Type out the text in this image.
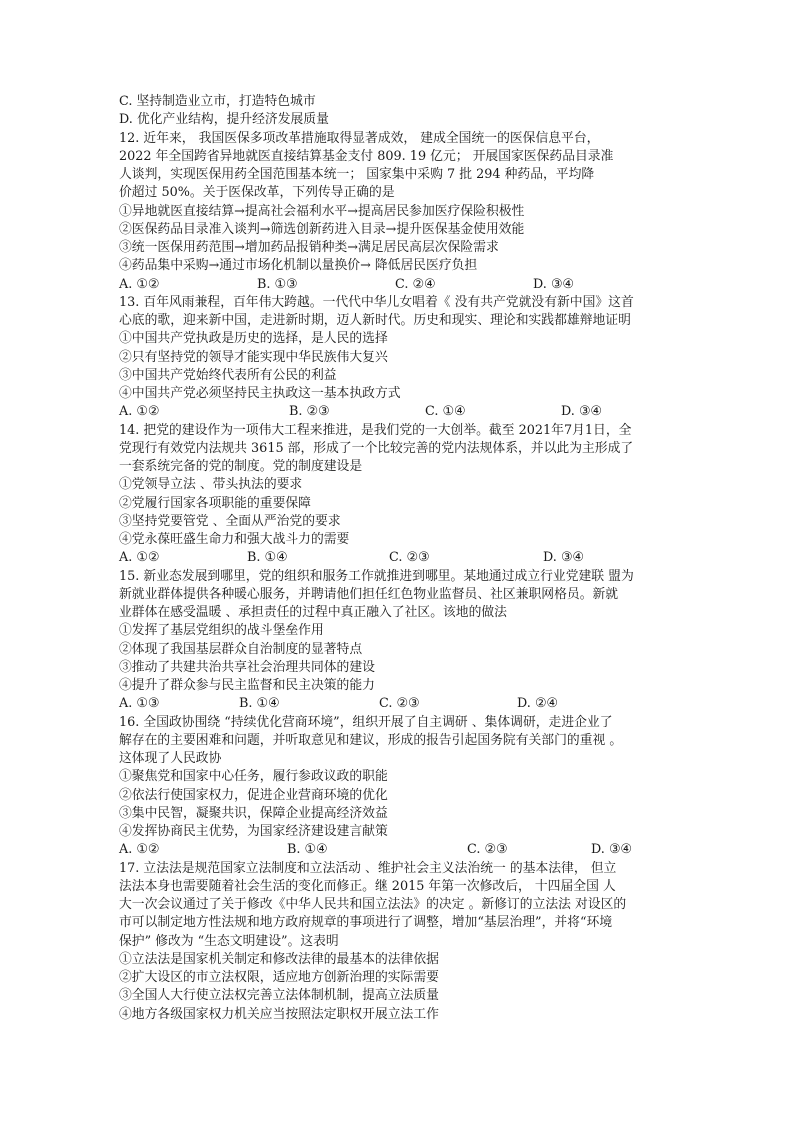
C. 坚持制造业立市，打造特色城市
D. 优化产业结构，提升经济发展质量
12. 近年来， 我国医保多项改革措施取得显著成效， 建成全国统一的医保信息平台，
2022 年全国跨省异地就医直接结算基金支付 809. 19 亿元； 开展国家医保药品目录准
人谈判，实现医保用药全国范围基本统一； 国家集中采购 7 批 294 种药品，平均降
价超过 50%。关于医保改革，下列传导正确的是
①异地就医直接结算→提高社会福利水平→提高居民参加医疗保险积极性
②医保药品目录准入谈判→筛选创新药进入目录→提升医保基金使用效能
③统一医保用药范围→增加药品报销种类→满足居民高层次保险需求
④药品集中采购→通过市场化机制以量换价→ 降低居民医疗负担
A. ①②	B. ①③	C. ②④	D. ③④
13. 百年风雨兼程，百年伟大跨越。一代代中华儿女唱着《 没有共产党就没有新中国》这首
心底的歌，迎来新中国，走进新时期，迈人新时代。历史和现实、理论和实践都雄辩地证明
①中国共产党执政是历史的选择，是人民的选择
②只有坚持党的领导才能实现中华民族伟大复兴
③中国共产党始终代表所有公民的利益
④中国共产党必须坚持民主执政这一基本执政方式
A. ①②	B. ②③	C. ①④	D. ③④
14. 把党的建设作为一项伟大工程来推进，是我们党的一大创举。截至 2021年7月1日，全
党现行有效党内法规共 3615 部，形成了一个比较完善的党内法规体系，并以此为主形成了
一套系统完备的党的制度。党的制度建设是
①党领导立法 、带头执法的要求
②党履行国家各项职能的重要保障
③坚持党要管党 、全面从严治党的要求
④党永葆旺盛生命力和强大战斗力的需要
A. ①②	B. ①④	C. ②③	D. ③④
15. 新业态发展到哪里，党的组织和服务工作就推进到哪里。某地通过成立行业党建联 盟为
新就业群体提供各种暖心服务，并聘请他们担任红色物业监督员、社区兼职网格员。新就
业群体在感受温暖 、承担责任的过程中真正融入了社区。该地的做法
①发挥了基层党组织的战斗堡垒作用
②体现了我国基层群众自治制度的显著特点
③推动了共建共治共享社会治理共同体的建设
④提升了群众参与民主监督和民主决策的能力
A. ①③	B. ①④	C. ②③	D. ②④
16. 全国政协围绕 “持续优化营商环境”，组织开展了自主调研 、集体调研，走进企业了
解存在的主要困难和问题，并听取意见和建议，形成的报告引起国务院有关部门的重视 。
这体现了人民政协
①聚焦党和国家中心任务，履行参政议政的职能
②依法行使国家权力，促进企业营商环境的优化
③集中民智，凝聚共识，保障企业提高经济效益
④发挥协商民主优势，为国家经济建设建言献策
A. ①②	B. ①④	C. ②③	D. ③④
17. 立法法是规范国家立法制度和立法活动 、维护社会主义法治统一 的基本法律， 但立
法法本身也需要随着社会生活的变化而修正。继 2015 年第一次修改后， 十四届全国 人
大一次会议通过了关于修改《中华人民共和国立法法》的决定 。新修订的立法法 对设区的
市可以制定地方性法规和地方政府规章的事项进行了调整，增加“基层治理”，并将“环境
保护” 修改为 “生态文明建设”。这表明
①立法法是国家机关制定和修改法律的最基本的法律依据
②扩大设区的市立法权限，适应地方创新治理的实际需要
③全国人大行使立法权完善立法体制机制，提高立法质量
④地方各级国家权力机关应当按照法定职权开展立法工作
